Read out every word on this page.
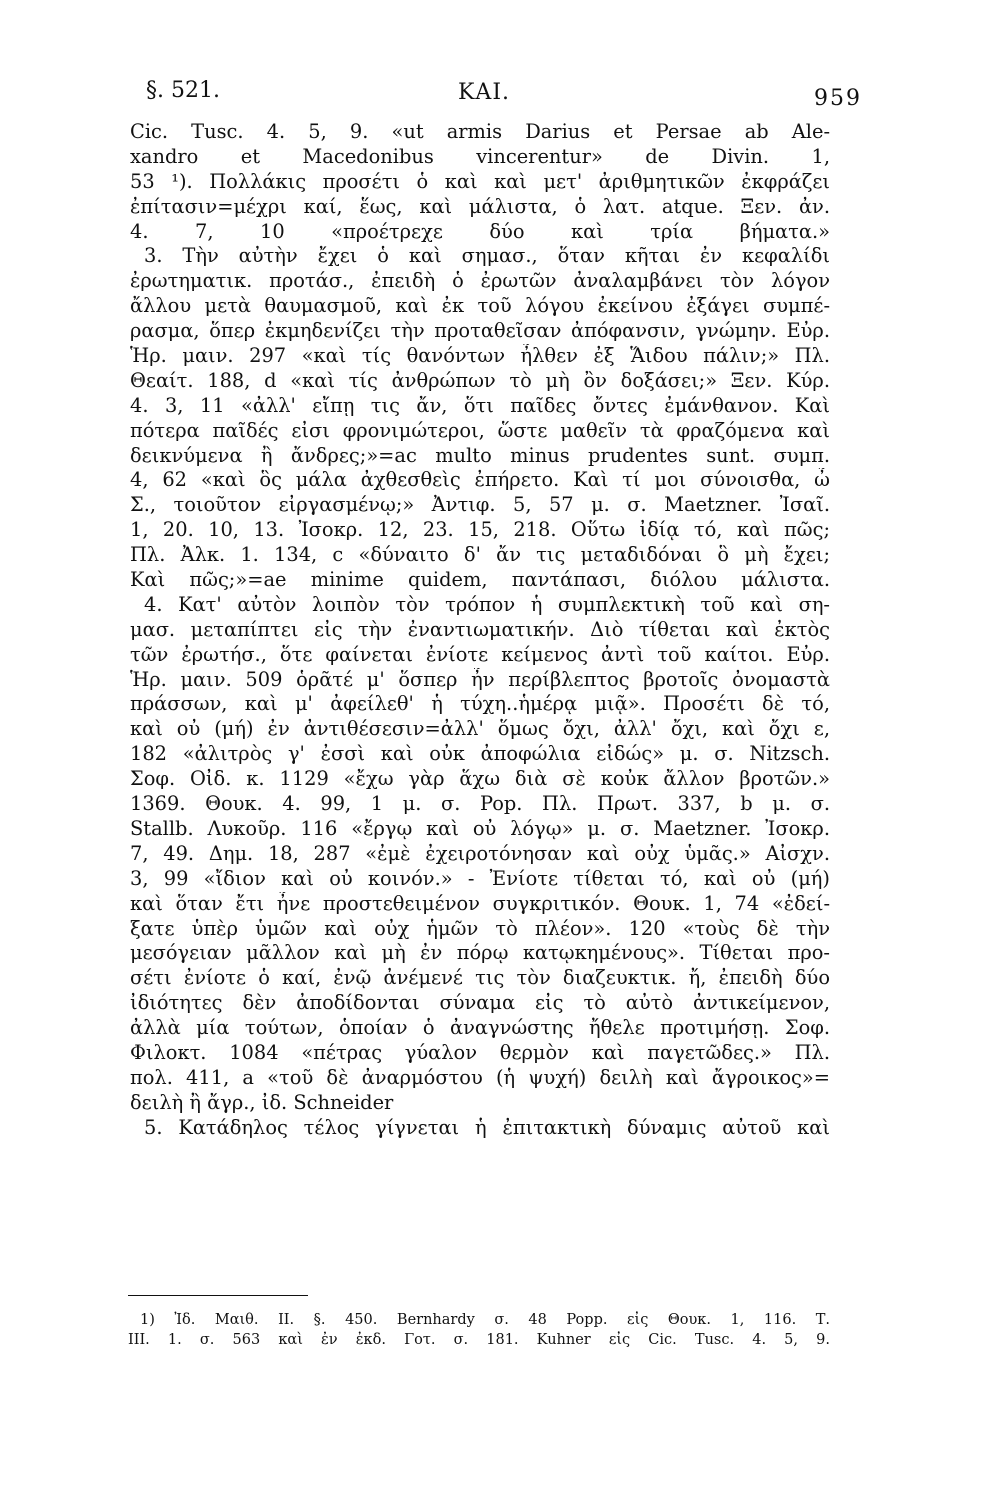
§. 521.	ΚΑΙ.	959
Cic. Tusc. 4. 5, 9. «ut armis Darius et Persae ab Ale-
xandro et Macedonibus vincerentur» de Divin. 1,
53 ¹). Πολλάκις προσέτι ὁ καὶ καὶ μετ' ἀριθμητικῶν ἐκφράζει
ἐπίτασιν=μέχρι καί, ἕως, καὶ μάλιστα, ὁ λατ. atque. Ξεν. ἀν.
4. 7, 10 «προέτρεχε δύο καὶ τρία βήματα.»
3. Τὴν αὐτὴν ἔχει ὁ καὶ σημασ., ὅταν κῆται ἐν κεφαλίδι
ἐρωτηματικ. προτάσ., ἐπειδὴ ὁ ἐρωτῶν ἀναλαμβάνει τὸν λόγον
ἄλλου μετὰ θαυμασμοῦ, καὶ ἐκ τοῦ λόγου ἐκείνου ἐξάγει συμπέ-
ρασμα, ὅπερ ἐκμηδενίζει τὴν προταθεῖσαν ἀπόφανσιν, γνώμην. Εὐρ.
Ἡρ. μαιν. 297 «καὶ τίς θανόντων ἦλθεν ἐξ Ἅιδου πάλιν;» Πλ.
Θεαίτ. 188, d «καὶ τίς ἀνθρώπων τὸ μὴ ὂν δοξάσει;» Ξεν. Κύρ.
4. 3, 11 «ἀλλ' εἴπῃ τις ἄν, ὅτι παῖδες ὄντες ἐμάνθανον. Καὶ
πότερα παῖδές εἰσι φρονιμώτεροι, ὥστε μαθεῖν τὰ φραζόμενα καὶ
δεικνύμενα ἢ ἄνδρες;»=ac multo minus prudentes sunt. συμπ.
4, 62 «καὶ ὃς μάλα ἀχθεσθεὶς ἐπήρετο. Καὶ τί μοι σύνοισθα, ὦ
Σ., τοιοῦτον εἰργασμένῳ;» Ἀντιφ. 5, 57 μ. σ. Maetzner. Ἰσαῖ.
1, 20. 10, 13. Ἰσοκρ. 12, 23. 15, 218. Οὕτω ἰδίᾳ τό, καὶ πῶς;
Πλ. Ἀλκ. 1. 134, c «δύναιτο δ' ἄν τις μεταδιδόναι ὃ μὴ ἔχει;
Καὶ πῶς;»=ae minime quidem, παντάπασι, διόλου μάλιστα.
4. Κατ' αὐτὸν λοιπὸν τὸν τρόπον ἡ συμπλεκτικὴ τοῦ καὶ ση-
μασ. μεταπίπτει εἰς τὴν ἐναντιωματικήν. Διὸ τίθεται καὶ ἐκτὸς
τῶν ἐρωτήσ., ὅτε φαίνεται ἐνίοτε κείμενος ἀντὶ τοῦ καίτοι. Εὐρ.
Ἡρ. μαιν. 509 ὁρᾶτέ μ' ὅσπερ ἦν περίβλεπτος βροτοῖς ὀνομαστὰ
πράσσων, καὶ μ' ἀφείλεθ' ἡ τύχη..ἡμέρᾳ μιᾷ». Προσέτι δὲ τό,
καὶ οὐ (μή) ἐν ἀντιθέσεσιν=ἀλλ' ὅμως ὄχι, ἀλλ' ὄχι, καὶ ὄχι ε,
182 «ἀλιτρὸς γ' ἐσσὶ καὶ οὐκ ἀποφώλια εἰδώς» μ. σ. Nitzsch.
Σοφ. Οἰδ. κ. 1129 «ἔχω γὰρ ἅχω διὰ σὲ κοὐκ ἄλλον βροτῶν.»
1369. Θουκ. 4. 99, 1 μ. σ. Pop. Πλ. Πρωτ. 337, b μ. σ.
Stallb. Λυκοῦρ. 116 «ἔργῳ καὶ οὐ λόγῳ» μ. σ. Maetzner. Ἰσοκρ.
7, 49. Δημ. 18, 287 «ἐμὲ ἐχειροτόνησαν καὶ οὐχ ὑμᾶς.» Αἰσχν.
3, 99 «ἴδιον καὶ οὐ κοινόν.» - Ἐνίοτε τίθεται τό, καὶ οὐ (μή)
καὶ ὅταν ἔτι ἦνε προστεθειμένον συγκριτικόν. Θουκ. 1, 74 «ἐδεί-
ξατε ὑπὲρ ὑμῶν καὶ οὐχ ἡμῶν τὸ πλέον». 120 «τοὺς δὲ τὴν
μεσόγειαν μᾶλλον καὶ μὴ ἐν πόρῳ κατῳκημένους». Τίθεται προ-
σέτι ἐνίοτε ὁ καί, ἐνῷ ἀνέμενέ τις τὸν διαζευκτικ. ἤ, ἐπειδὴ δύο
ἰδιότητες δὲν ἀποδίδονται σύναμα εἰς τὸ αὐτὸ ἀντικείμενον,
ἀλλὰ μία τούτων, ὁποίαν ὁ ἀναγνώστης ἤθελε προτιμήσῃ. Σοφ.
Φιλοκτ. 1084 «πέτρας γύαλον θερμὸν καὶ παγετῶδες.» Πλ.
πολ. 411, a «τοῦ δὲ ἀναρμόστου (ἡ ψυχή) δειλὴ καὶ ἄγροικος»=
δειλὴ ἢ ἄγρ., ἰδ. Schneider
5. Κατάδηλος τέλος γίγνεται ἡ ἐπιτακτικὴ δύναμις αὐτοῦ καὶ
1) Ἰδ. Μαιθ. II. §. 450. Bernhardy σ. 48 Popp. εἰς Θουκ. 1, 116. Τ.
III. 1. σ. 563 καὶ ἐν ἐκδ. Γοτ. σ. 181. Kuhner εἰς Cic. Tusc. 4. 5, 9.
